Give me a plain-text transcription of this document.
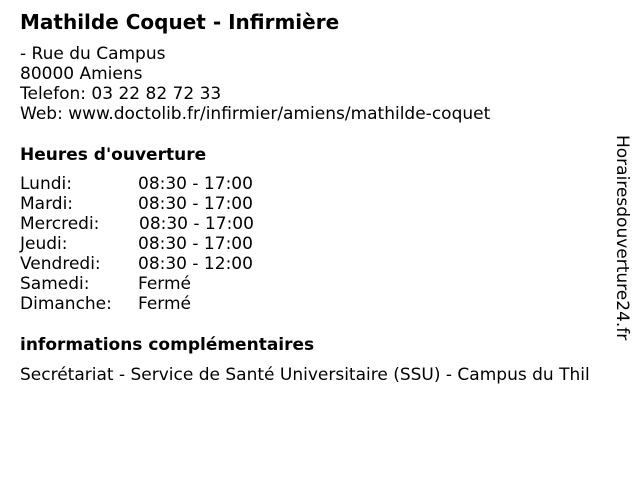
Mathilde Coquet - Infirmière
- Rue du Campus
80000 Amiens
Telefon: 03 22 82 72 33
Web: www.doctolib.fr/infirmier/amiens/mathilde-coquet
Heures d'ouverture
Lundi:	08:30 - 17:00
Mardi:	08:30 - 17:00
Mercredi: 08:30 - 17:00
Jeudi:	08:30 - 17:00
Vendredi: 08:30 - 12:00
Samedi:	Fermé
Dimanche: Fermé
informations complémentaires
Secrétariat - Service de Santé Universitaire (SSU) - Campus du Thil
Horairesdouverture24.fr
